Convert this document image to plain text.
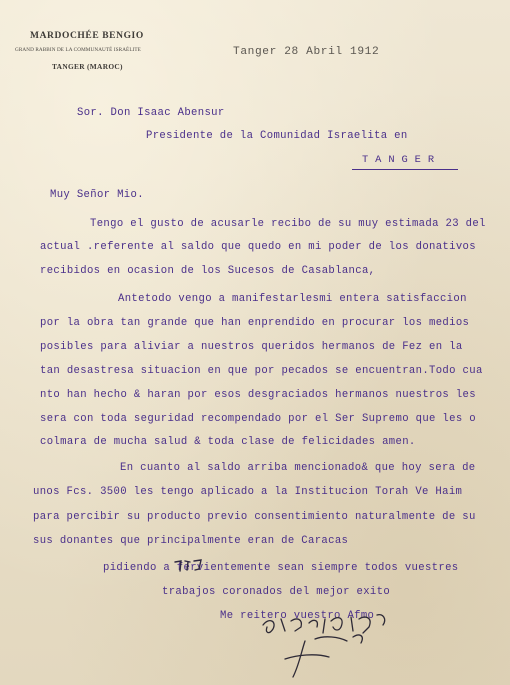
MARDOCHÉE BENGIO
GRAND RABBIN DE LA COMMUNAUTÉ ISRAÉLITE
TANGER (MAROC)
Tanger 28 Abril 1912
Sor. Don Isaac Abensur
Presidente de la Comunidad Israelita en
T A N G E R
Muy Señor Mio.
Tengo el gusto de acusarle recibo de su muy estimada 23 del
actual .referente al saldo que quedo en mi poder de los donativos
recibidos en ocasion de los Sucesos de Casablanca,
Antetodo vengo a manifestarlesmi entera satisfaccion
por la obra tan grande que han enprendido en procurar los medios
posibles para aliviar a nuestros queridos hermanos de Fez en la
tan desastresa situacion en que por pecados se encuentran.Todo cua
nto han hecho & haran por esos desgraciados hermanos nuestros les
sera con toda seguridad recompendado por el Ser Supremo que les o
colmara de mucha salud & toda clase de felicidades amen.
En cuanto al saldo arriba mencionado& que hoy sera de
unos Fcs. 3500 les tengo aplicado a la Institucion Torah Ve Haim
para percibir su producto previo consentimiento naturalmente de su
sus donantes que principalmente eran de Caracas
pidiendo a fervientemente sean siempre todos vuestres
trabajos coronados del mejor exito
Me reitero vuestro Afmo
